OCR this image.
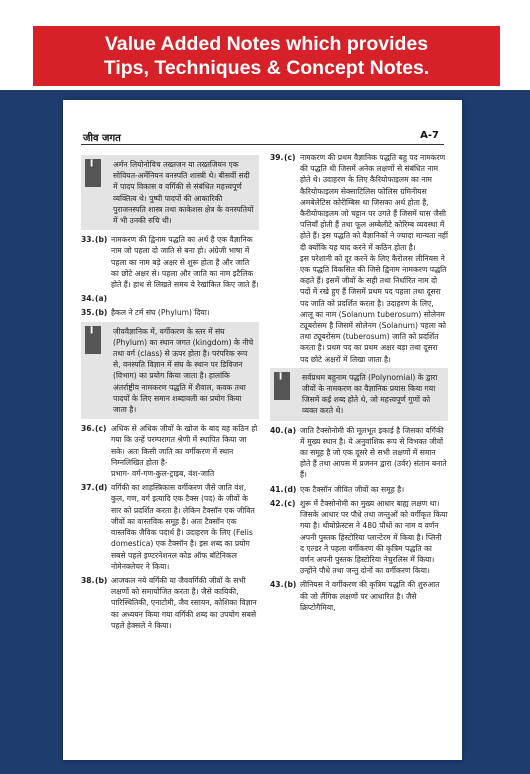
Value Added Notes which provides
Tips, Techniques & Concept Notes.
जीव जगत	A-7
▍	अर्मन लियोनोविच तख्तजन या तख्तजियन एक सोवियत-अर्मेनियन वनस्पति शास्त्री थे। बीसवीं सदी में पादप विकास व वर्गिकी से संबंधित महत्त्वपूर्ण व्यक्तित्व थे। पुष्पी पादपों की आकारिकी पुराजनस्पति शास्त्र तथा काकेशस क्षेत्र के वनस्पतियों में भी उनकी रुचि थी।
33. (b) नामकरण की द्विनाम पद्धति का अर्थ है एक वैज्ञानिक नाम जो पहला दो जाति से बना हो। अंग्रेजी भाषा में पहला का नाम बड़े अक्षर से शुरू होता है और जाति का छोटे अक्षर से। पहला और जाति का नाम इटैलिक होते हैं। हाथ से लिखते समय ये रेखांकित किए जाते हैं।
34. (a)

35. (b) हैकल ने टर्म संघ (Phylum) दिया।
▍	जीववैज्ञानिक में, वर्गीकरण के स्तर में संघ (Phylum) का स्थान जगत (kingdom) के नीचे तथा वर्ग (class) से ऊपर होता है। परंपरिक रूप से, वनस्पति विज्ञान में संघ के स्थान पर डिविजन (विभाग) का प्रयोग किया जाता है। हालांकि अंतर्राष्ट्रीय नामकरण पद्धति में शैवाल, कवक तथा पादपों के लिए समान शब्दावली का प्रयोग किया जाता है।
36. (c) अधिक से अधिक जीवों के खोज के बाद यह कठिन हो गया कि उन्हें परम्परागत श्रेणी में स्थापित किया जा सके। अतः किसी जाति का वर्गीकरण में स्थान निम्नलिखित होता है-
प्रभाग- वर्ग-गण-कुल-ट्राइब, वंश-जाति
37. (d) वर्गिकी का शाहस्त्रिकास वर्गीकरण जैसे जाति वंश, कुल, गण, वर्ग इत्यादि एक टैक्स (पद) के जीवों के सार को प्रदर्शित करता है। लेकिन टैक्सॉन एक जीवित जीवों का वास्तविक समूह है। अतः टैक्सॉन एक वास्तविक जैविक पदार्थ है। उदाहरण के लिए (Felis domestica) एक टैक्सॉन है। इस शब्द का प्रयोग सबसे पहले इण्टरनेशनल कोड ऑफ बॉटेनिकल नोमेनक्लेचर ने किया।
38. (b) आजकल नये वर्गिकी या जैववर्गिकी जीवों के सभी लक्षणों को समायोजित करता है। जैसे कायिकी, पारिस्थितिकी, एनाटोमी, जैव रसायन, कोशिका विज्ञान का अध्ययन किया गया वर्गिकी शब्द का उपयोग सबसे पहले हेक्सले ने किया।
39. (c) नामकरण की प्रथम वैज्ञानिक पद्धति बहु पद नामकरण की पद्धति थी जिसमें अनेक लक्षणों से संबंधित नाम होते थे। उदाहरण के लिए कैरियोफाइलम का नाम कैरियोफाइलम सेक्साटिलिस फोलिस ग्रमिनीयस अमबेलेटिस कोरीम्बिस था जिसका अर्थ होता है, कैरीयोफाइलम जो चट्टान पर उगते हैं जिसमें घास जैसी पत्तियाँ होती हैं तथा फूल अम्बेलीटे कोरिम्ब व्यवस्था में होते हैं। इस पद्धति को वैज्ञानिकों ने ज्यादा मान्यता नहीं दी क्योंकि यह याद करने में कठिन होता है।
इस परेशानी को दूर करने के लिए कैरोलस लीनियस ने एक पद्धति विकसित की जिसे द्विनाम नामकरण पद्धति कहते हैं। इसमें जीवों के सही तथा निर्धारित नाम दो पदों में रखे हुए हैं जिसमें प्रथम पद पहला तथा दूसरा पद जाति को प्रदर्शित करता है। उदाहरण के लिए, आलू का नाम (Solanum tuberosum) सोलेनम ट्यूबरोसम है जिसमें सोलेनम (Solanum) पहला को तथा ट्यूबरोसम (tuberosum) जाति को प्रदर्शित करता है। प्रथम पद का प्रथम अक्षर बड़ा तथा दूसरा पद छोटे अक्षरों में लिखा जाता है।
▍	सर्वप्रथम बहुनाम पद्धति (Polynomial) के द्वारा जीवों के नामकरण का वैज्ञानिक प्रयास किया गया जिसमें कई शब्द होते थे, जो महत्त्वपूर्ण गुणों को व्यक्त करते थे।
40. (a) जाति टैक्सोनोमी की मूलभूत इकाई है जिसका वर्गिकी में मुख्य स्थान है। ये अनुवांशिक रूप से विभक्त जीवों का समूह है जो एक दूसरे से सभी लक्षणों में समान होते हैं तथा आपस में प्रजनन द्वारा (उर्वर) संतान बनाते हैं।
41. (d) एक टैक्सॉन जीवित जीवों का समूह है।
42. (c) शुरू में टैक्सोनोमी का मुख्य आधार बाह्य लक्षण था। जिसके आधार पर पौधे तथा जन्तुओं को वर्गीकृत किया गया है। थीयोफ्रेस्टस ने 480 पौधों का नाम व वर्णन अपनी पुस्तक हिस्टोरिया प्लान्टेरम में किया है। प्लिनी द एल्डर ने पहला वर्गीकरण की कृत्रिम पद्धति का वर्णन अपनी पुस्तक हिस्टोरिया नेचुरलिस में किया। उन्होंने पौधे तथा जन्तु दोनों का वर्गीकरण किया।
43. (b) लीनियस ने वर्गीकरण की कृत्रिम पद्धति की शुरुआत की जो लैंगिक लक्षणों पर आधारित है। जैसे क्रिप्टोगैमिया,
